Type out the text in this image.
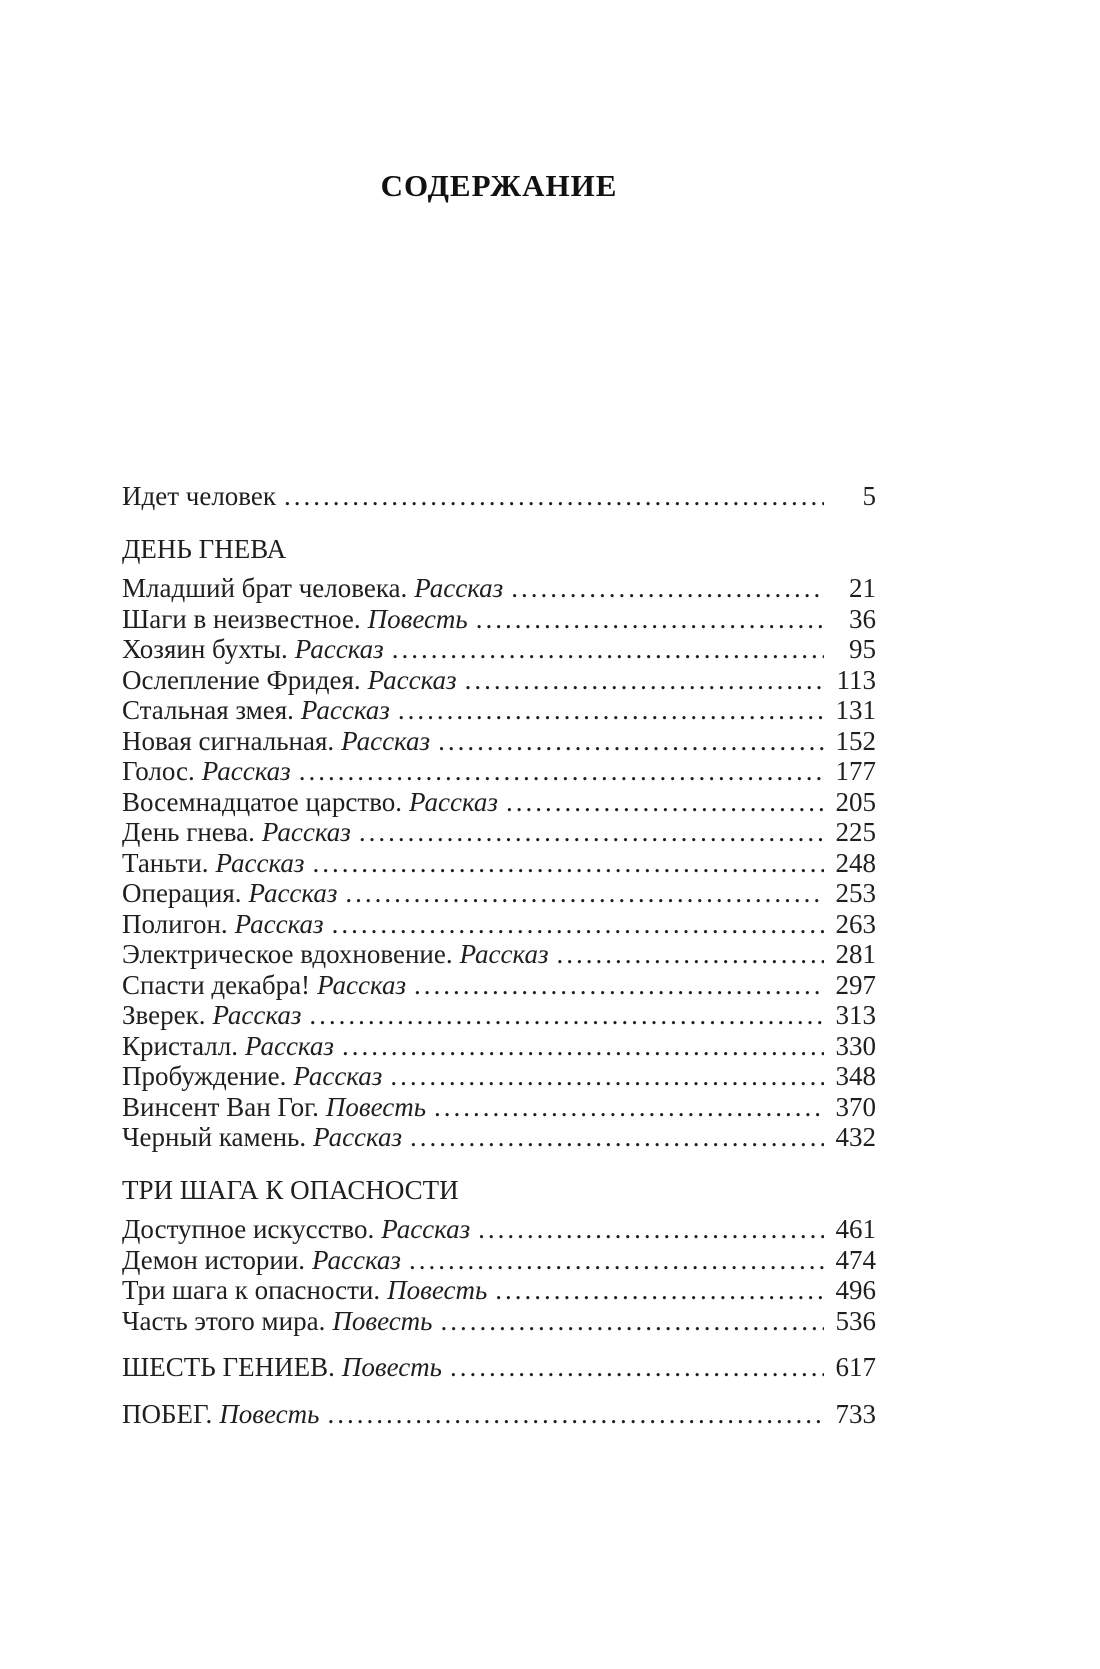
СОДЕРЖАНИЕ
Идет человек .....	5
ДЕНЬ ГНЕВА
Младший брат человека. Рассказ .....	21
Шаги в неизвестное. Повесть .....	36
Хозяин бухты. Рассказ .....	95
Ослепление Фридея. Рассказ .....	113
Стальная змея. Рассказ .....	131
Новая сигнальная. Рассказ .....	152
Голос. Рассказ .....	177
Восемнадцатое царство. Рассказ .....	205
День гнева. Рассказ .....	225
Таньти. Рассказ .....	248
Операция. Рассказ .....	253
Полигон. Рассказ .....	263
Электрическое вдохновение. Рассказ .....	281
Спасти декабра! Рассказ .....	297
Зверек. Рассказ .....	313
Кристалл. Рассказ .....	330
Пробуждение. Рассказ .....	348
Винсент Ван Гог. Повесть .....	370
Черный камень. Рассказ .....	432
ТРИ ШАГА К ОПАСНОСТИ
Доступное искусство. Рассказ .....	461
Демон истории. Рассказ .....	474
Три шага к опасности. Повесть .....	496
Часть этого мира. Повесть .....	536
ШЕСТЬ ГЕНИЕВ. Повесть .....	617
ПОБЕГ. Повесть .....	733
